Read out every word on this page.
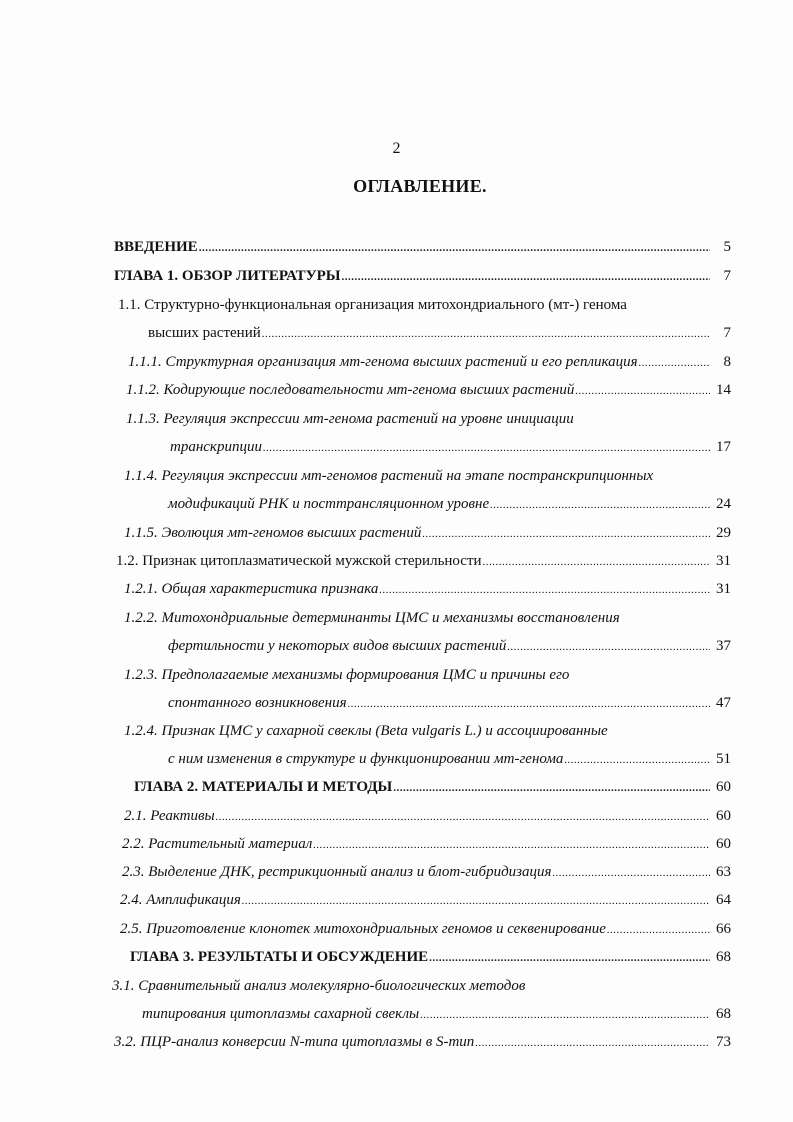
2
ОГЛАВЛЕНИЕ.
ВВЕДЕНИЕ .....	5
ГЛАВА 1. ОБЗОР ЛИТЕРАТУРЫ .....	7
1.1. Структурно-функциональная организация митохондриального (мт-) генома
высших растений .....	7
1.1.1. Структурная организация мт-генома высших растений и его репликация .....	8
1.1.2. Кодирующие последовательности мт-генома высших растений .....	14
1.1.3. Регуляция экспрессии мт-генома растений на уровне инициации
транскрипции .....	17
1.1.4. Регуляция экспрессии мт-геномов растений на этапе постранскрипционных
модификаций РНК и посттрансляционном уровне .....	24
1.1.5. Эволюция мт-геномов высших растений .....	29
1.2. Признак цитоплазматической мужской стерильности .....	31
1.2.1. Общая характеристика признака .....	31
1.2.2. Митохондриальные детерминанты ЦМС и механизмы восстановления
фертильности у некоторых видов высших растений .....	37
1.2.3. Предполагаемые механизмы формирования ЦМС и причины его
спонтанного возникновения .....	47
1.2.4. Признак ЦМС у сахарной свеклы (Beta vulgaris L.) и ассоциированные
с ним изменения в структуре и функционировании мт-генома .....	51
ГЛАВА 2. МАТЕРИАЛЫ И МЕТОДЫ .....	60
2.1. Реактивы .....	60
2.2. Растительный материал .....	60
2.3. Выделение ДНК, рестрикционный анализ и блот-гибридизация .....	63
2.4. Амплификация .....	64
2.5. Приготовление клонотек митохондриальных геномов и секвенирование .....	66
ГЛАВА 3. РЕЗУЛЬТАТЫ И ОБСУЖДЕНИЕ .....	68
3.1. Сравнительный анализ молекулярно-биологических методов
типирования цитоплазмы сахарной свеклы .....	68
3.2. ПЦР-анализ конверсии N-типа цитоплазмы в S-тип .....	73
